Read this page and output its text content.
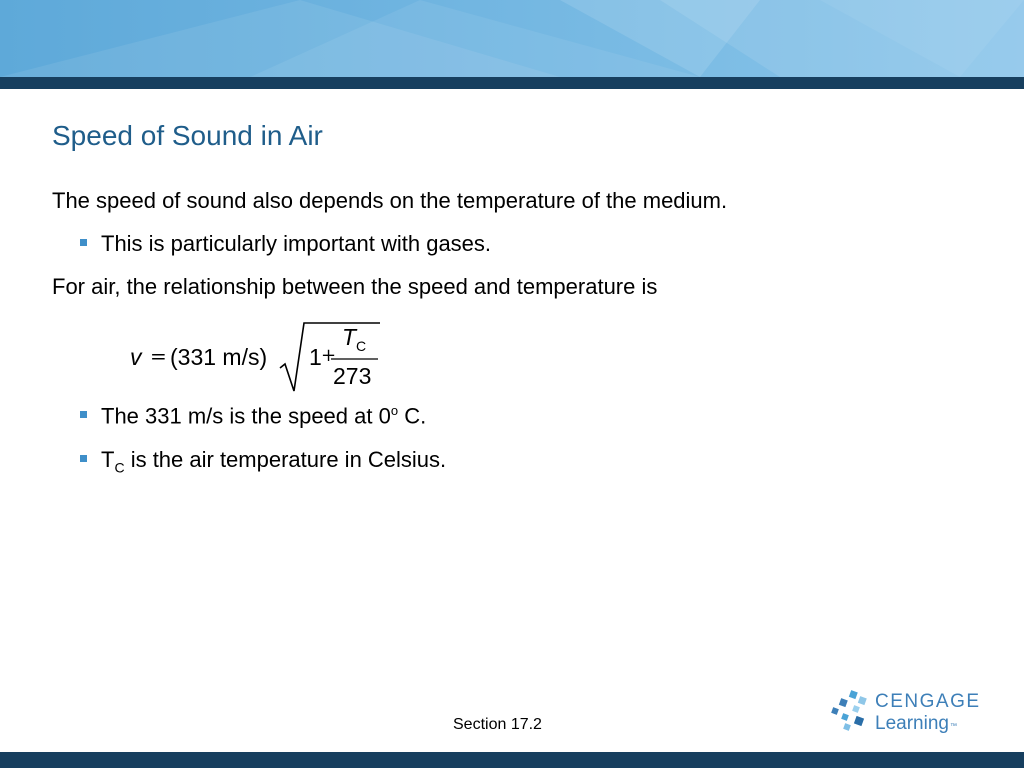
Speed of Sound in Air

The speed of sound also depends on the temperature of the medium.

This is particularly important with gases.

For air, the relationship between the speed and temperature is

v = (331 m/s) 1 +
T C
273
The 331 m/s is the speed at 0$^o$ C.
$T_C$ is the air temperature in Celsius.
Section 17.2
CENGAGE
Learning™
